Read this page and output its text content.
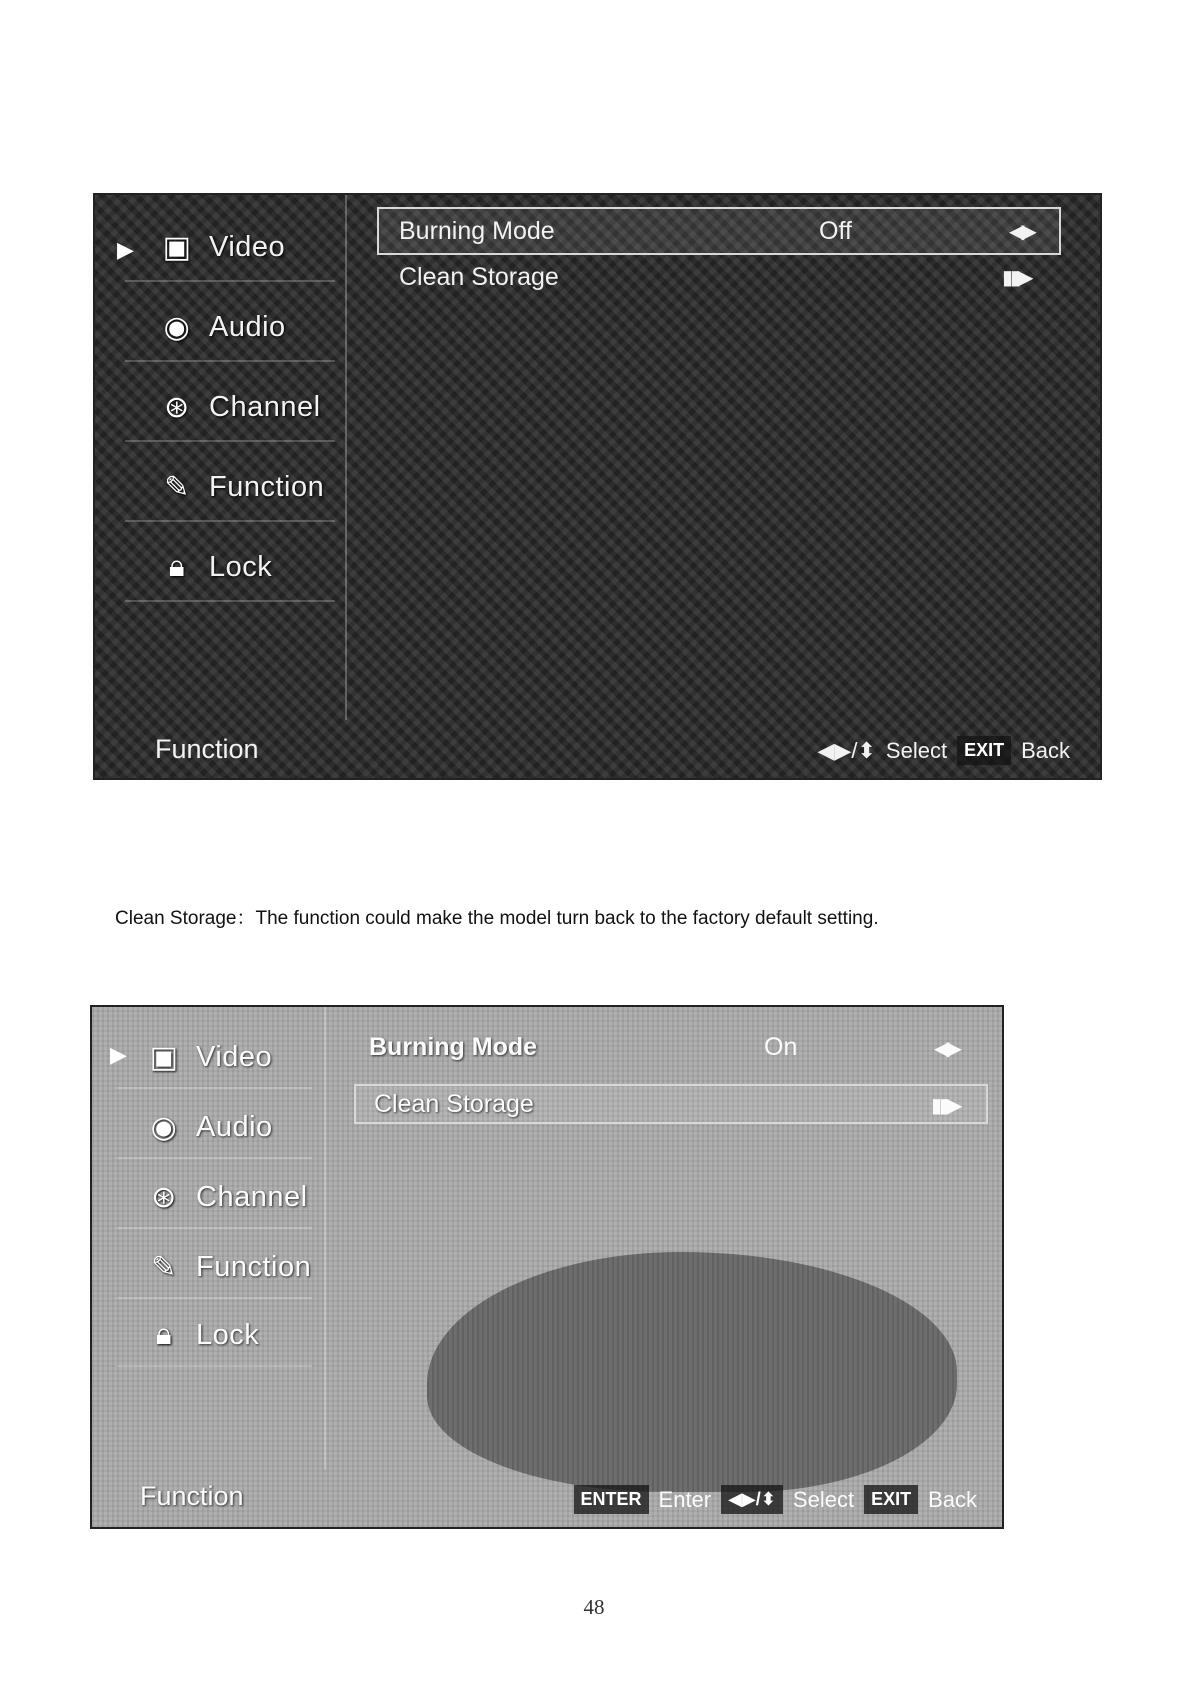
▶ ▣ Video
◉ Audio
⊛ Channel
✎ Function
🔒︎ Lock
Burning Mode	Off	◀▶
Clean Storage	▮▮▶
Function	◀▶/⬍ Select EXIT Back
Clean Storage：The function could make the model turn back to the factory default setting.
▶ ▣ Video
◉ Audio
⊛ Channel
✎ Function
🔒︎ Lock
Burning Mode	On	◀▶
Clean Storage	▮▮▶
Function	ENTER Enter ◀▶/⬍ Select EXIT Back
48
